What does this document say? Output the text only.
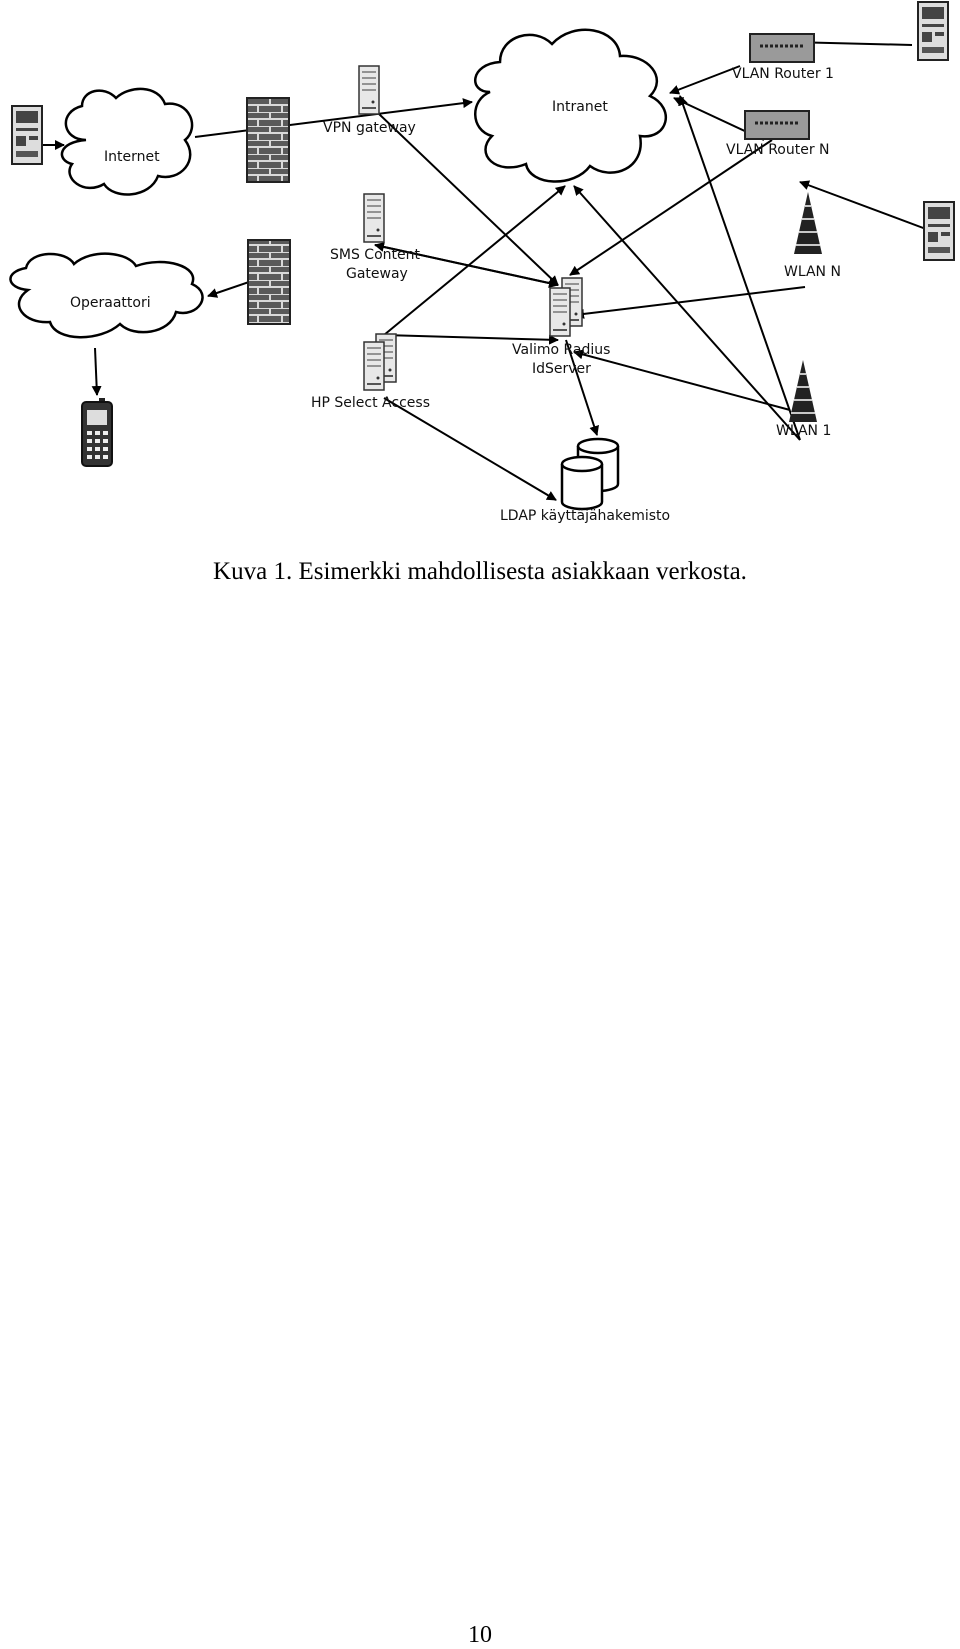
Internet
Intranet
Operaattori
VPN gateway
SMS Content
Gateway
VLAN Router 1
VLAN Router N
WLAN N
WLAN 1
Valimo Radius
IdServer
HP Select Access
LDAP käyttäjähakemisto
Kuva 1. Esimerkki mahdollisesta asiakkaan verkosta.
10
